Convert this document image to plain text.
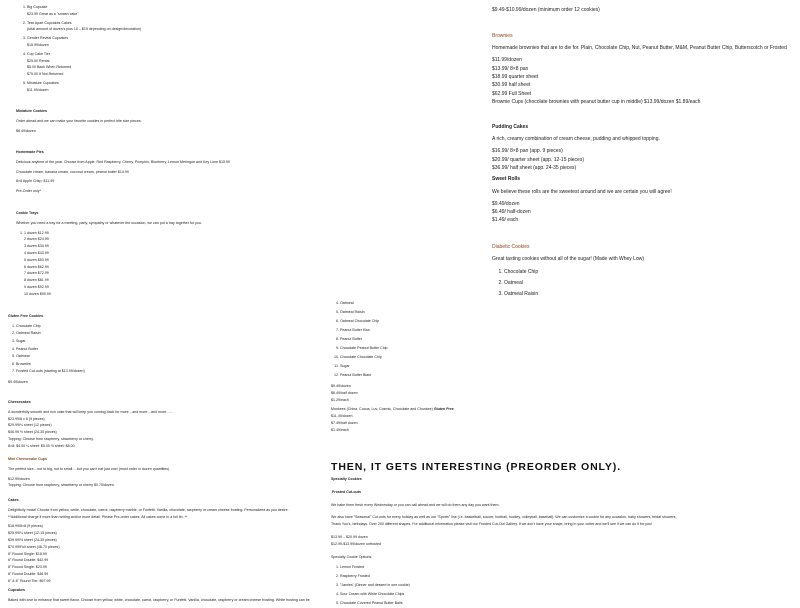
1. Big Cupcake
$23.99 Great as a "smash cake"
2. Tear Apart Cupcakes Cakes
(total amount of dozen's plus 10 – $15 depending on design/decoration)
3. Gender Reveal Cupcakes
$15.99/dozen
4. Cup Cake Tier
$25.00 Rental
$5.00 Back When Returned
$75.00 If Not Returned
5. Miniature Cupcakes
$11.99/dozen

Miniature Cookies

Order ahead and we can make your favorite cookies in perfect bite size pieces.

$8.49/dozen

Homemade Pies

Delicious anytime of the year. Choose from Apple, Red Raspberry, Cherry, Pumpkin, Blueberry, Lemon Meringue and Key Lime $15.99

Chocolate cream, banana cream, coconut cream, peanut butter $14.99

8×8 Apple Crisp: $11.99

Pre-Order only*

Cookie Trays

Whether you need a tray for a meeting, party, sympathy or whatever the occasion, we can put a tray together for you.

1. 1 dozen $12.99
2 dozen $24.99
3 dozen $34.99
4 dozen $43.99
5 dozen $53.99
6 dozen $62.99
7 dozen $72.99
8 dozen $81.99
9 dozen $92.99
10 dozen $99.99

Gluten Free Cookies

1. Chocolate Chip
2. Oatmeal Raisin
3. Sugar
4. Peanut Butter
5. Oatmeal
6. Brownies
7. Frosted Cut-outs (starting at $13.99/dozen)

$9.49/dozen

Cheesecakes

A wonderfully smooth and rich cake that will keep you coming back for more…and more…and more……

$23.99/8 x 8 (9 pieces)
$29.99/¼ sheet (12 pieces)
$46.99 ½ sheet (24-35 pieces)
Topping: Choose from raspberry, strawberry or cherry.
8×8: $4.00 ¼ sheet: $5.00 ½ sheet: $8.00

Mini Cheesecake Cups

The perfect size…not to big, not to small….but you can't eat just one! (must order in dozen quantities)

$12.99/dozen
Topping: Choose from raspberry, strawberry or cherry $0.75/dozen

Cakes

Delightfully moist! Choose from yellow, white, chocolate, carrot, raspberry marble, or Funfetti. Vanilla, chocolate, raspberry or cream cheese frosting. Personalized as you desire.

**Additional charge if more than writing and/or more detail. Please Pre-order cakes. All cakes come in a foil tin. **

$18.99/8×8 (9 pieces)
$25.99/¼ sheet (12-15 pieces)
$39.99/½ sheet (24-35 pieces)
$70.99/Full sheet (48-70 pieces)
6" Round Single: $18.99
6" Round Double: $42.99
8" Round Single: $23.99
8" Round Double: $46.99
6" & 8" Round Tier: $67.99

Cupcakes

Baked with love to enhance that sweet flavor. Choose from yellow, white, chocolate, carrot, raspberry, or Funfetti. Vanilla, chocolate, raspberry or cream cheese frosting. White frosting can be

$9.49-$10.99/dozen (minimum order 12 cookies)

Brownies

Homemade brownies that are to die for. Plain, Chocolate Chip, Nut, Peanut Butter, M&M, Peanut Butter Chip, Butterscotch or Frosted

$11.99/dozen
$13.99/ 8×8 pan
$18.99 quarter sheet
$30.99 half sheet
$62.99 Full Sheet
Brownie Cups (chocolate brownies with peanut butter cup in middle) $13.99/dozen $1.89/each

Pudding Cakes

A rich, creamy combination of cream cheese, pudding and whipped topping.

$16.99/ 8×8 pan (app. 9 pieces)
$20.99/ quarter sheet (app. 12-15 pieces)
$36.99/ half sheet (app. 24-35 pieces)

Sweet Rolls

We believe these rolls are the sweetest around and we are certain you will agree!

$9.49/dozen
$6.49/ half-dozen
$1.49/ each

Diabetic Cookies

Great tasting cookies without all of the sugar! (Made with Whey Low)

1. Chocolate Chip
2. Oatmeal
3. Oatmeal Raisin
4. Oatmeal
5. Oatmeal Raisin
6. Oatmeal Chocolate Chip
7. Peanut Butter Kiss
8. Peanut Butter
9. Chocolate Peanut Butter Chip
10. Chocolate Chocolate Chip
11. Sugar
12. Peanut Butter Blast
$9.49/dozen
$6.49/half dozen
$1.29/each

Monkees (China, Cocoa, Luv, Cosmic, Chocolate and Chunkee) Gluten Free

$11.49/dozen
$7.49/half dozen
$1.49/each
THEN, IT GETS INTERESTING (PREORDER ONLY).

Specialty Cookies

Frosted Cut-outs

We bake them fresh every Wednesday or you can call ahead and we will do them any day you want them.

We also have "Seasonal" Cut-outs for every holiday as well as our "Sports" line (i.e. basketball, soccer, football, hockey, volleyball, baseball). We can customize a cookie for any occasion, baby showers, bridal showers, Thank You's, birthdays. Over 200 different shapes. For additional information please visit our Frosted Cut-Out Gallery. If we don't have your shape, bring in your cutter and we'll see if we can do it for you!

$13.99 – $20.99 dozen
$12.99-$13.99/dozen unfrosted

Specialty Cookie Options:

1. Lemon Frosted
2. Raspberry Frosted
3. "Jamies" (Dinner and dessert in one cookie)
4. Sour Cream with White Chocolate Chips
5. Chocolate Covered Peanut Butter Balls
